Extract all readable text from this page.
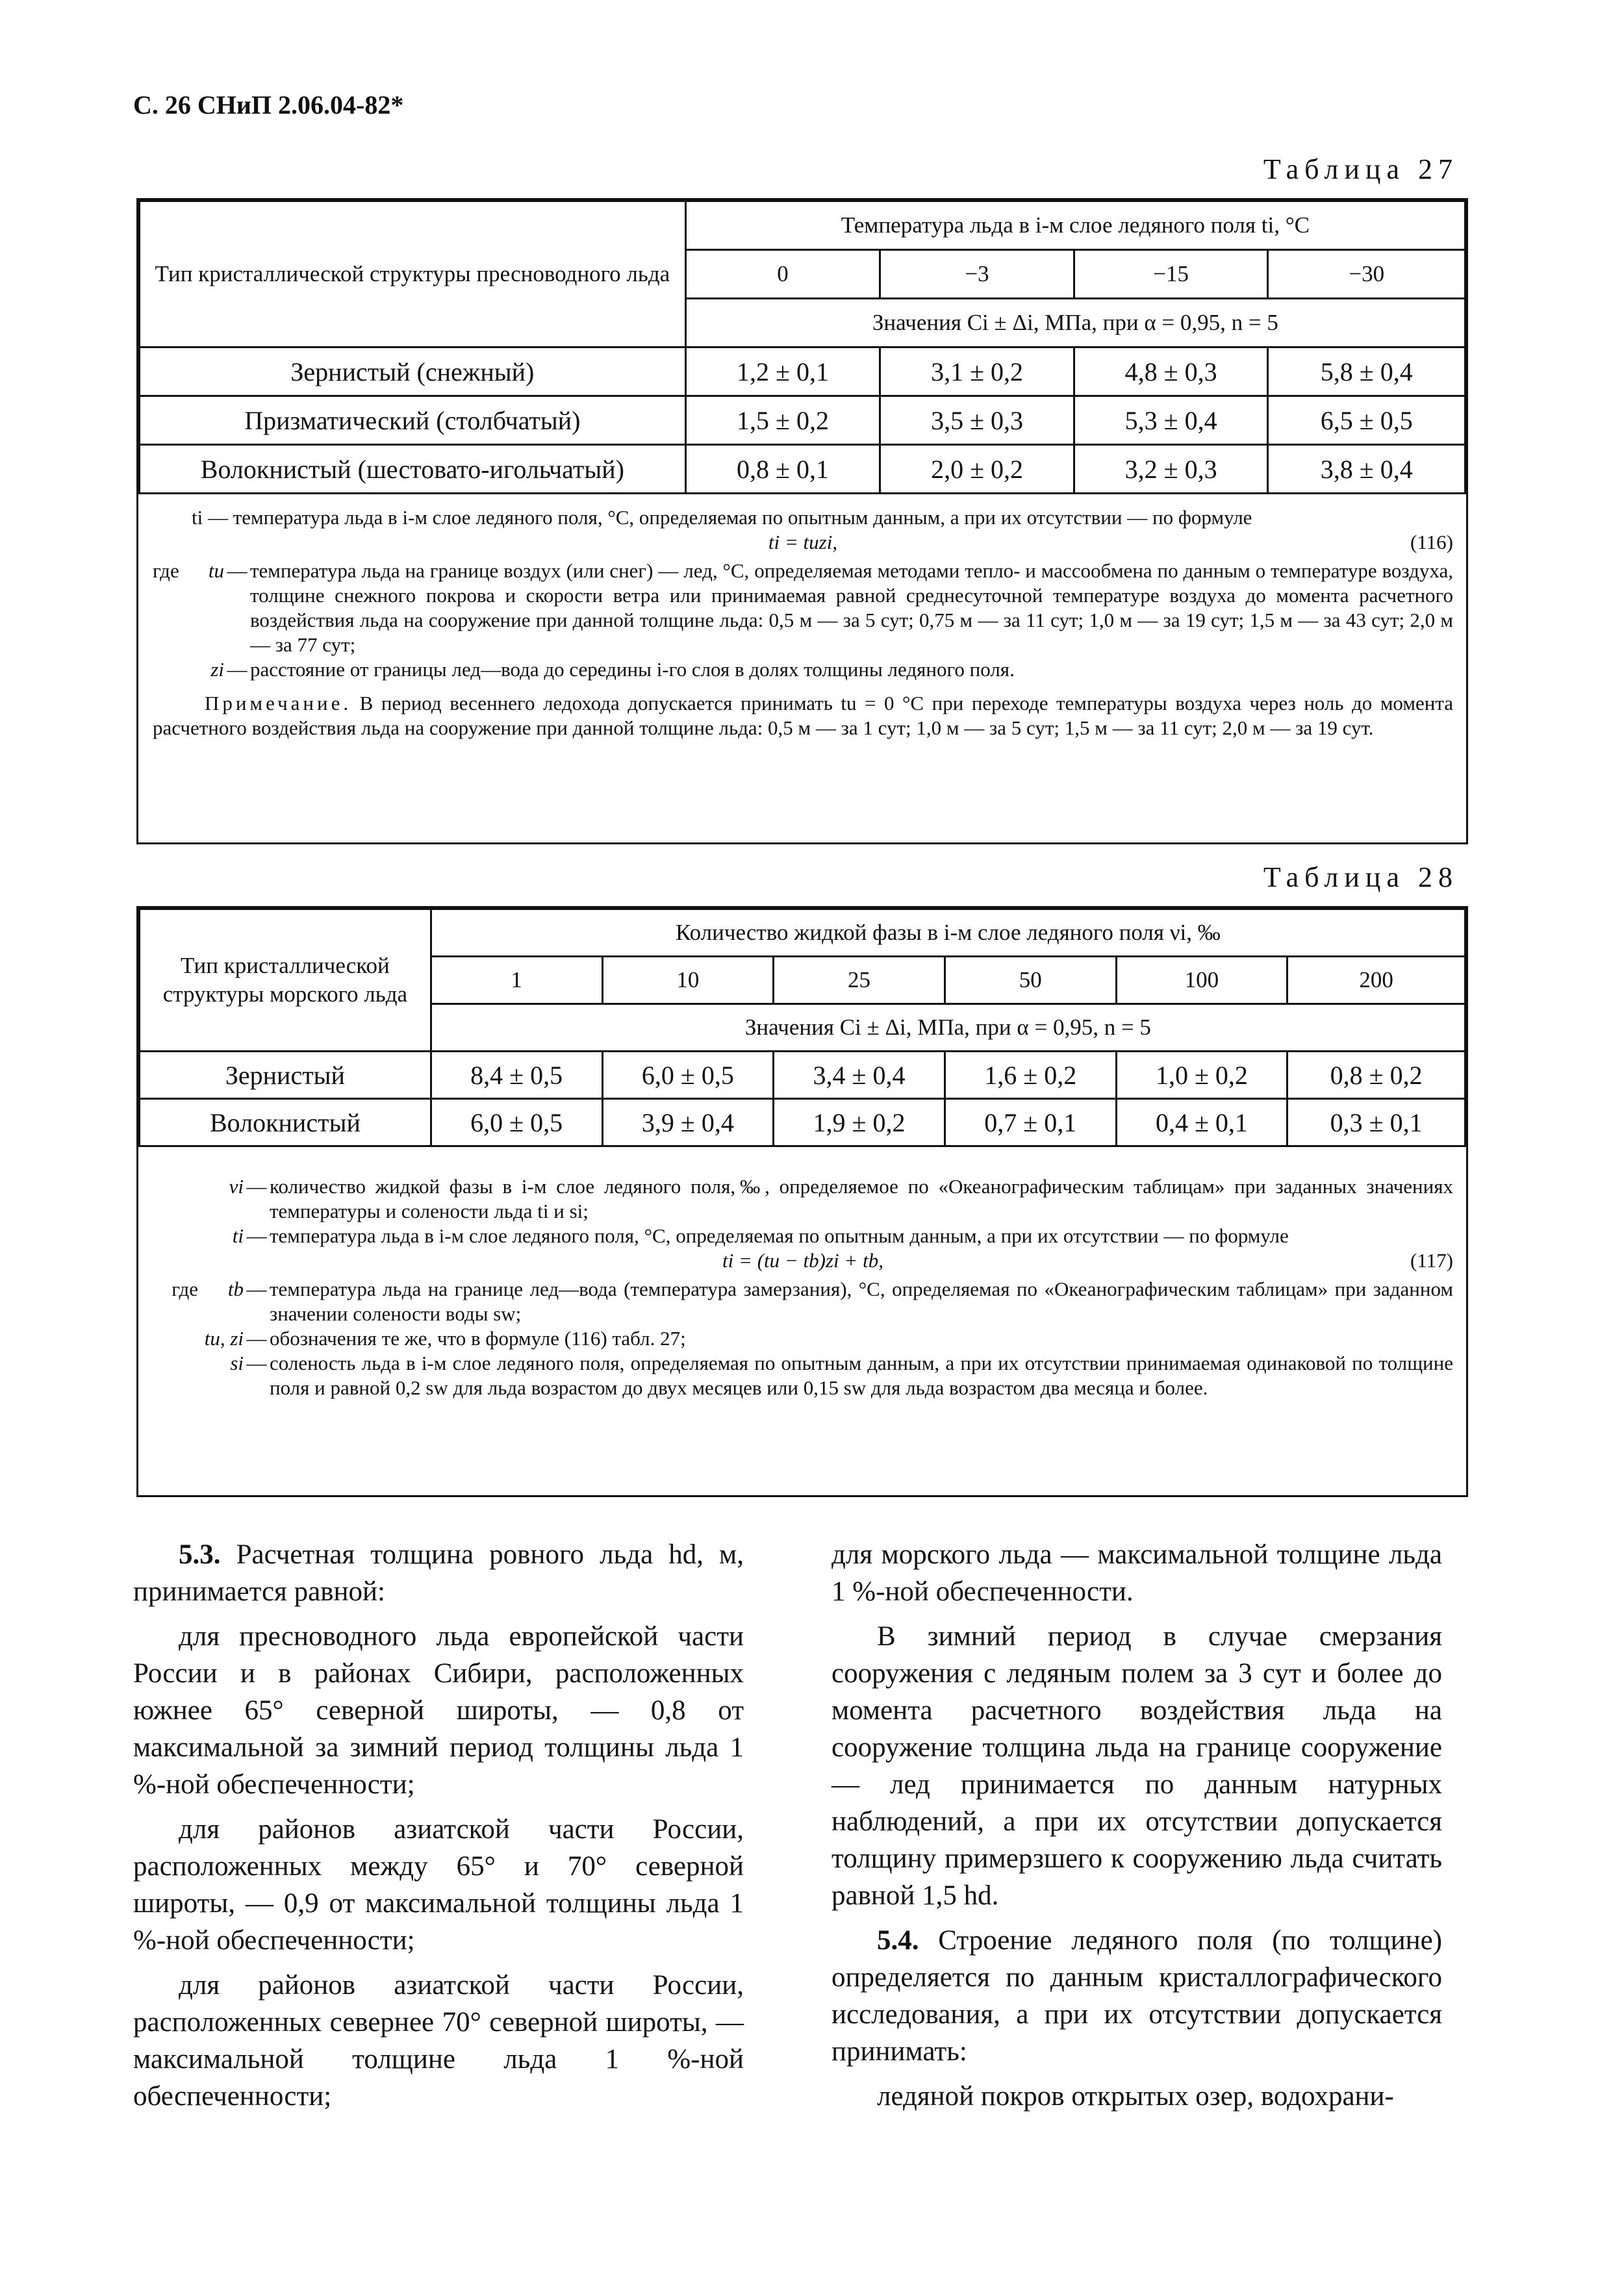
С. 26 СНиП 2.06.04-82*
Таблица 27
Тип кристаллической структуры пресноводного льда	Температура льда в i-м слое ледяного поля ti, °С			
	0	−3	−15	−30
	Значения Ci ± Δi, МПа, при α = 0,95, n = 5			
Зернистый (снежный)	1,2 ± 0,1	3,1 ± 0,2	4,8 ± 0,3	5,8 ± 0,4
Призматический (столбчатый)	1,5 ± 0,2	3,5 ± 0,3	5,3 ± 0,4	6,5 ± 0,5
Волокнистый (шестовато-игольчатый)	0,8 ± 0,1	2,0 ± 0,2	3,2 ± 0,3	3,8 ± 0,4
ti — температура льда в i-м слое ледяного поля, °С, определяемая по опытным данным, а при их отсутствии — по формуле
ti = tuzi,	(116)
где	tu — температура льда на границе воздух (или снег) — лед, °С, определяемая методами тепло- и массообмена по данным о температуре воздуха, толщине снежного покрова и скорости ветра или принимаемая равной среднесуточной температуре воздуха до момента расчетного воздействия льда на сооружение при данной толщине льда: 0,5 м — за 5 сут; 0,75 м — за 11 сут; 1,0 м — за 19 сут; 1,5 м — за 43 сут; 2,0 м — за 77 сут;
zi — расстояние от границы лед—вода до середины i-го слоя в долях толщины ледяного поля.
Примечание. В период весеннего ледохода допускается принимать tu = 0 °С при переходе температуры воздуха через ноль до момента расчетного воздействия льда на сооружение при данной толщине льда: 0,5 м — за 1 сут; 1,0 м — за 5 сут; 1,5 м — за 11 сут; 2,0 м — за 19 сут.
Таблица 28
Тип кристаллической структуры морского льда	Количество жидкой фазы в i-м слое ледяного поля νi, ‰					
	1	10	25	50	100	200
	Значения Ci ± Δi, МПа, при α = 0,95, n = 5					
Зернистый	8,4 ± 0,5	6,0 ± 0,5	3,4 ± 0,4	1,6 ± 0,2	1,0 ± 0,2	0,8 ± 0,2
Волокнистый	6,0 ± 0,5	3,9 ± 0,4	1,9 ± 0,2	0,7 ± 0,1	0,4 ± 0,1	0,3 ± 0,1
νi — количество жидкой фазы в i-м слое ледяного поля,‰, определяемое по «Океанографическим таблицам» при заданных значениях температуры и солености льда ti и si;
ti — температура льда в i-м слое ледяного поля, °С, определяемая по опытным данным, а при их отсутствии — по формуле
ti = (tu − tb)zi + tb,	(117)
где	tb — температура льда на границе лед—вода (температура замерзания), °С, определяемая по «Океанографическим таблицам» при заданном значении солености воды sw;
tu, zi — обозначения те же, что в формуле (116) табл. 27;
si — соленость льда в i-м слое ледяного поля, определяемая по опытным данным, а при их отсутствии принимаемая одинаковой по толщине поля и равной 0,2 sw для льда возрастом до двух месяцев или 0,15 sw для льда возрастом два месяца и более.

5.3. Расчетная толщина ровного льда hd, м, принимается равной:

для пресноводного льда европейской части России и в районах Сибири, расположенных южнее 65° северной широты, — 0,8 от максимальной за зимний период толщины льда 1 %-ной обеспеченности;

для районов азиатской части России, расположенных между 65° и 70° северной широты, — 0,9 от максимальной толщины льда 1 %-ной обеспеченности;

для районов азиатской части России, расположенных севернее 70° северной широты, — максимальной толщине льда 1 %-ной обеспеченности;

для морского льда — максимальной толщине льда 1 %-ной обеспеченности.

В зимний период в случае смерзания сооружения с ледяным полем за 3 сут и более до момента расчетного воздействия льда на сооружение толщина льда на границе сооружение — лед принимается по данным натурных наблюдений, а при их отсутствии допускается толщину примерзшего к сооружению льда считать равной 1,5 hd.

5.4. Строение ледяного поля (по толщине) определяется по данным кристаллографического исследования, а при их отсутствии допускается принимать:

ледяной покров открытых озер, водохрани-
